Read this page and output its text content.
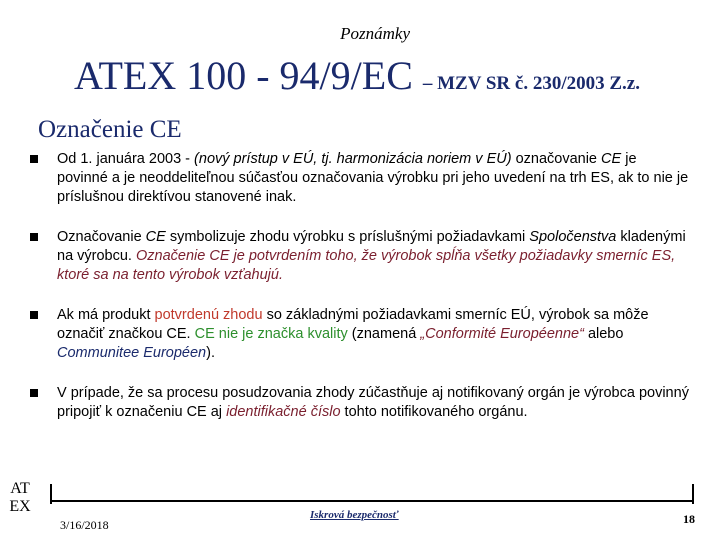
Poznámky
ATEX 100 - 94/9/EC – MZV SR č. 230/2003 Z.z.
Označenie CE
Od 1. januára 2003 - (nový prístup v EÚ, tj. harmonizácia noriem v EÚ) označovanie CE je povinné a je neoddeliteľnou súčasťou označovania výrobku pri jeho uvedení na trh ES, ak to nie je príslušnou direktívou stanovené inak.
Označovanie CE symbolizuje zhodu výrobku s príslušnými požiadavkami Spoločenstva kladenými na výrobcu. Označenie CE je potvrdením toho, že výrobok spĺňa všetky požiadavky smerníc ES, ktoré sa na tento výrobok vzťahujú.
Ak má produkt potvrdenú zhodu so základnými požiadavkami smerníc EÚ, výrobok sa môže označiť značkou CE. CE nie je značka kvality (znamená „Conformité Européenne“ alebo Communitee Européen).
V prípade, že sa procesu posudzovania zhody zúčastňuje aj notifikovaný orgán je výrobca povinný pripojiť k označeniu CE aj identifikačné číslo tohto notifikovaného orgánu.
AT
EX
3/16/2018
Iskrová bezpečnosť	18
